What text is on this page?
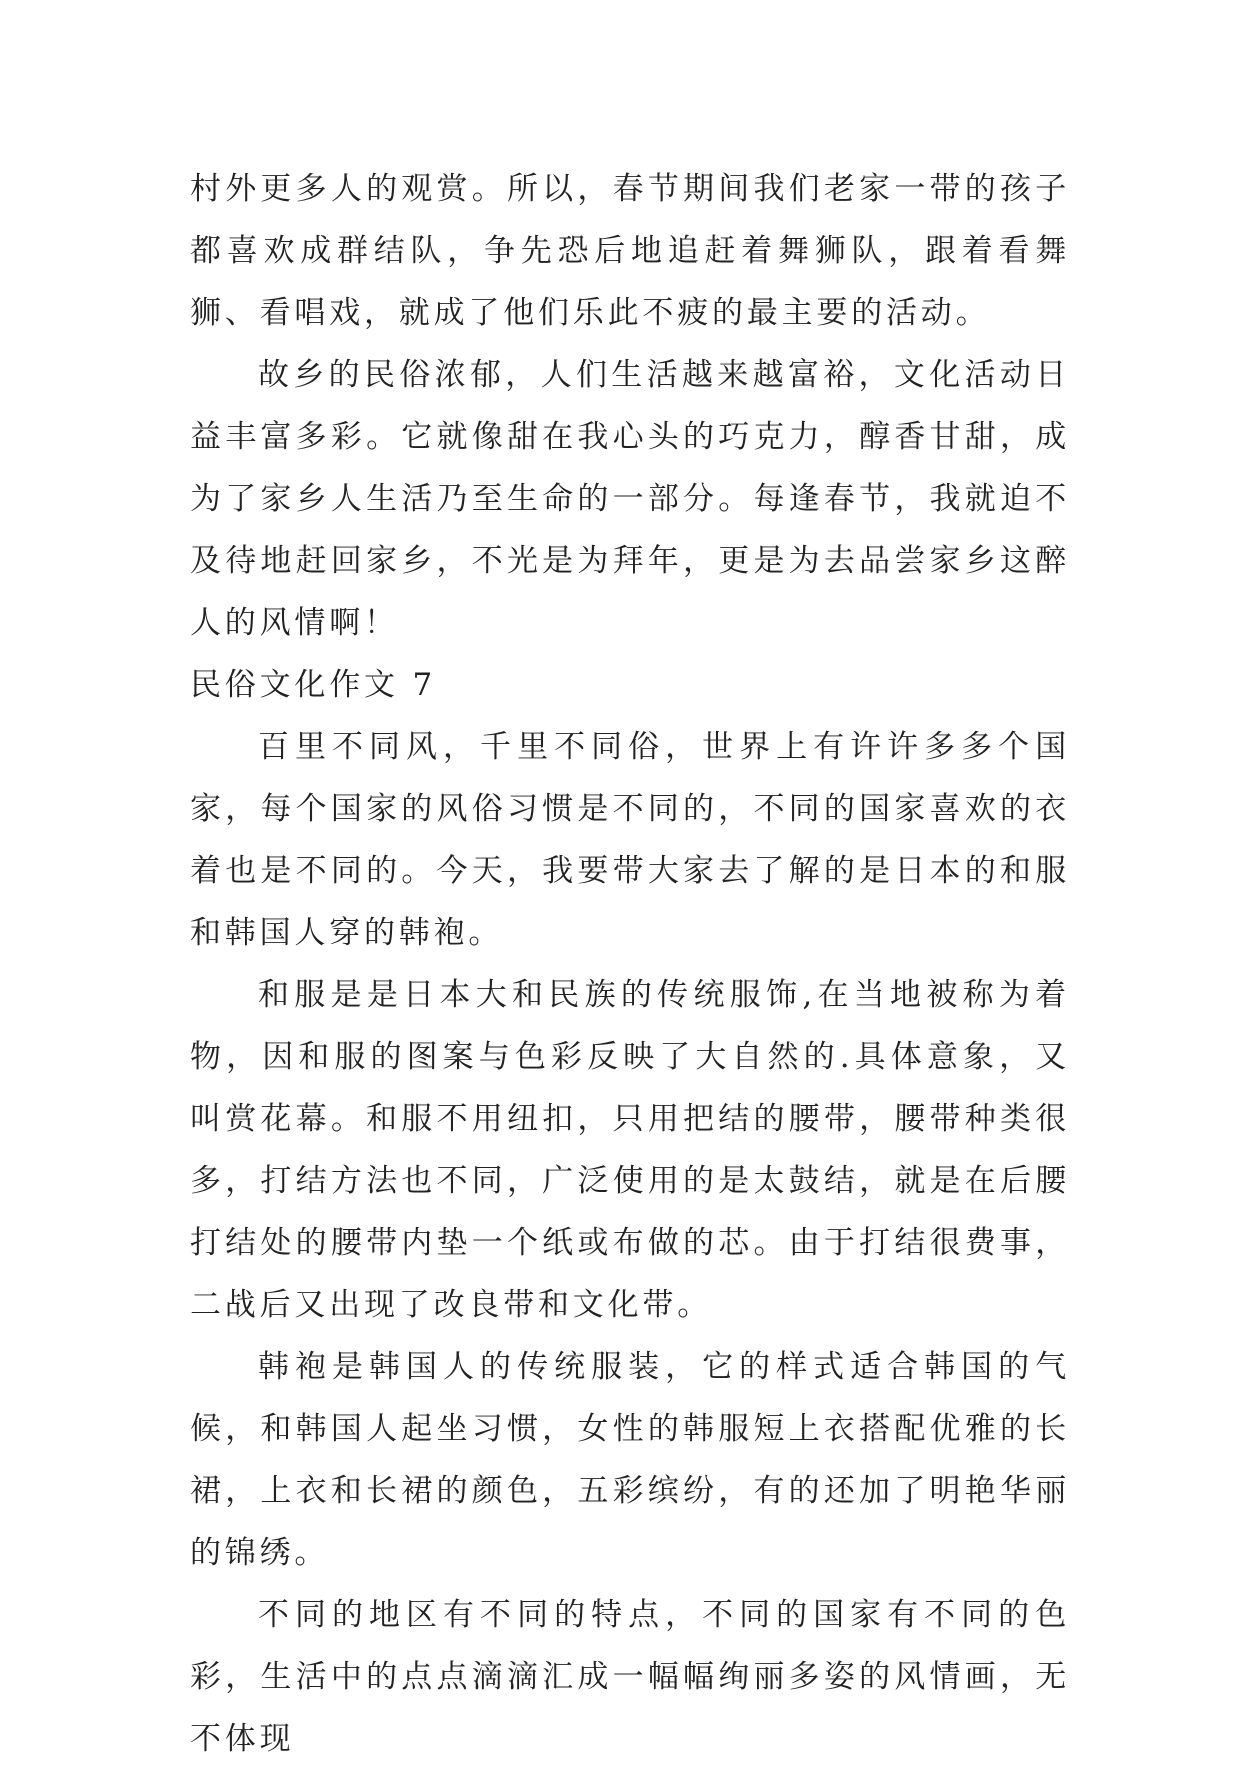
村外更多人的观赏。所以，春节期间我们老家一带的孩子都喜欢成群结队，争先恐后地追赶着舞狮队，跟着看舞狮、看唱戏，就成了他们乐此不疲的最主要的活动。

故乡的民俗浓郁，人们生活越来越富裕，文化活动日益丰富多彩。它就像甜在我心头的巧克力，醇香甘甜，成为了家乡人生活乃至生命的一部分。每逢春节，我就迫不及待地赶回家乡，不光是为拜年，更是为去品尝家乡这醉人的风情啊！

民俗文化作文 7

百里不同风，千里不同俗，世界上有许许多多个国家，每个国家的风俗习惯是不同的，不同的国家喜欢的衣着也是不同的。今天，我要带大家去了解的是日本的和服和韩国人穿的韩袍。

和服是是日本大和民族的传统服饰,在当地被称为着物，因和服的图案与色彩反映了大自然的.具体意象，又叫赏花幕。和服不用纽扣，只用把结的腰带，腰带种类很多，打结方法也不同，广泛使用的是太鼓结，就是在后腰打结处的腰带内垫一个纸或布做的芯。由于打结很费事，二战后又出现了改良带和文化带。

韩袍是韩国人的传统服装，它的样式适合韩国的气候，和韩国人起坐习惯，女性的韩服短上衣搭配优雅的长裙，上衣和长裙的颜色，五彩缤纷，有的还加了明艳华丽的锦绣。

不同的地区有不同的特点，不同的国家有不同的色彩，生活中的点点滴滴汇成一幅幅绚丽多姿的风情画，无不体现
